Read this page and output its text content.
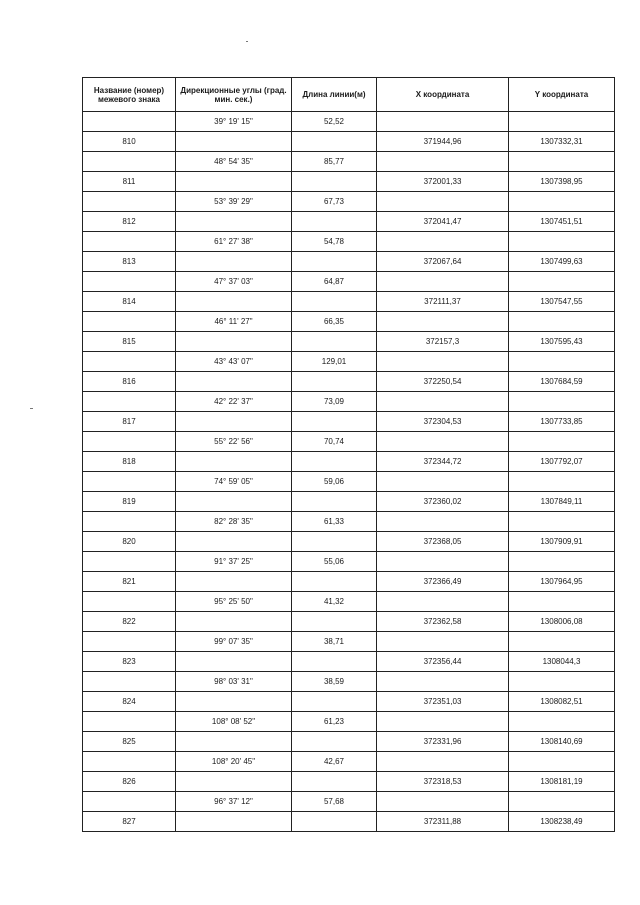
Название (номер) межевого знака	Дирекционные углы (град. мин. сек.)	Длина линии(м)	X координата	Y координата
	39° 19' 15"	52,52		
810			371944,96	1307332,31
	48° 54' 35"	85,77		
811			372001,33	1307398,95
	53° 39' 29"	67,73		
812			372041,47	1307451,51
	61° 27' 38"	54,78		
813			372067,64	1307499,63
	47° 37' 03"	64,87		
814			372111,37	1307547,55
	46° 11' 27"	66,35		
815			372157,3	1307595,43
	43° 43' 07"	129,01		
816			372250,54	1307684,59
	42° 22' 37"	73,09		
817			372304,53	1307733,85
	55° 22' 56"	70,74		
818			372344,72	1307792,07
	74° 59' 05"	59,06		
819			372360,02	1307849,11
	82° 28' 35"	61,33		
820			372368,05	1307909,91
	91° 37' 25"	55,06		
821			372366,49	1307964,95
	95° 25' 50"	41,32		
822			372362,58	1308006,08
	99° 07' 35"	38,71		
823			372356,44	1308044,3
	98° 03' 31"	38,59		
824			372351,03	1308082,51
	108° 08' 52"	61,23		
825			372331,96	1308140,69
	108° 20' 45"	42,67		
826			372318,53	1308181,19
	96° 37' 12"	57,68		
827			372311,88	1308238,49
